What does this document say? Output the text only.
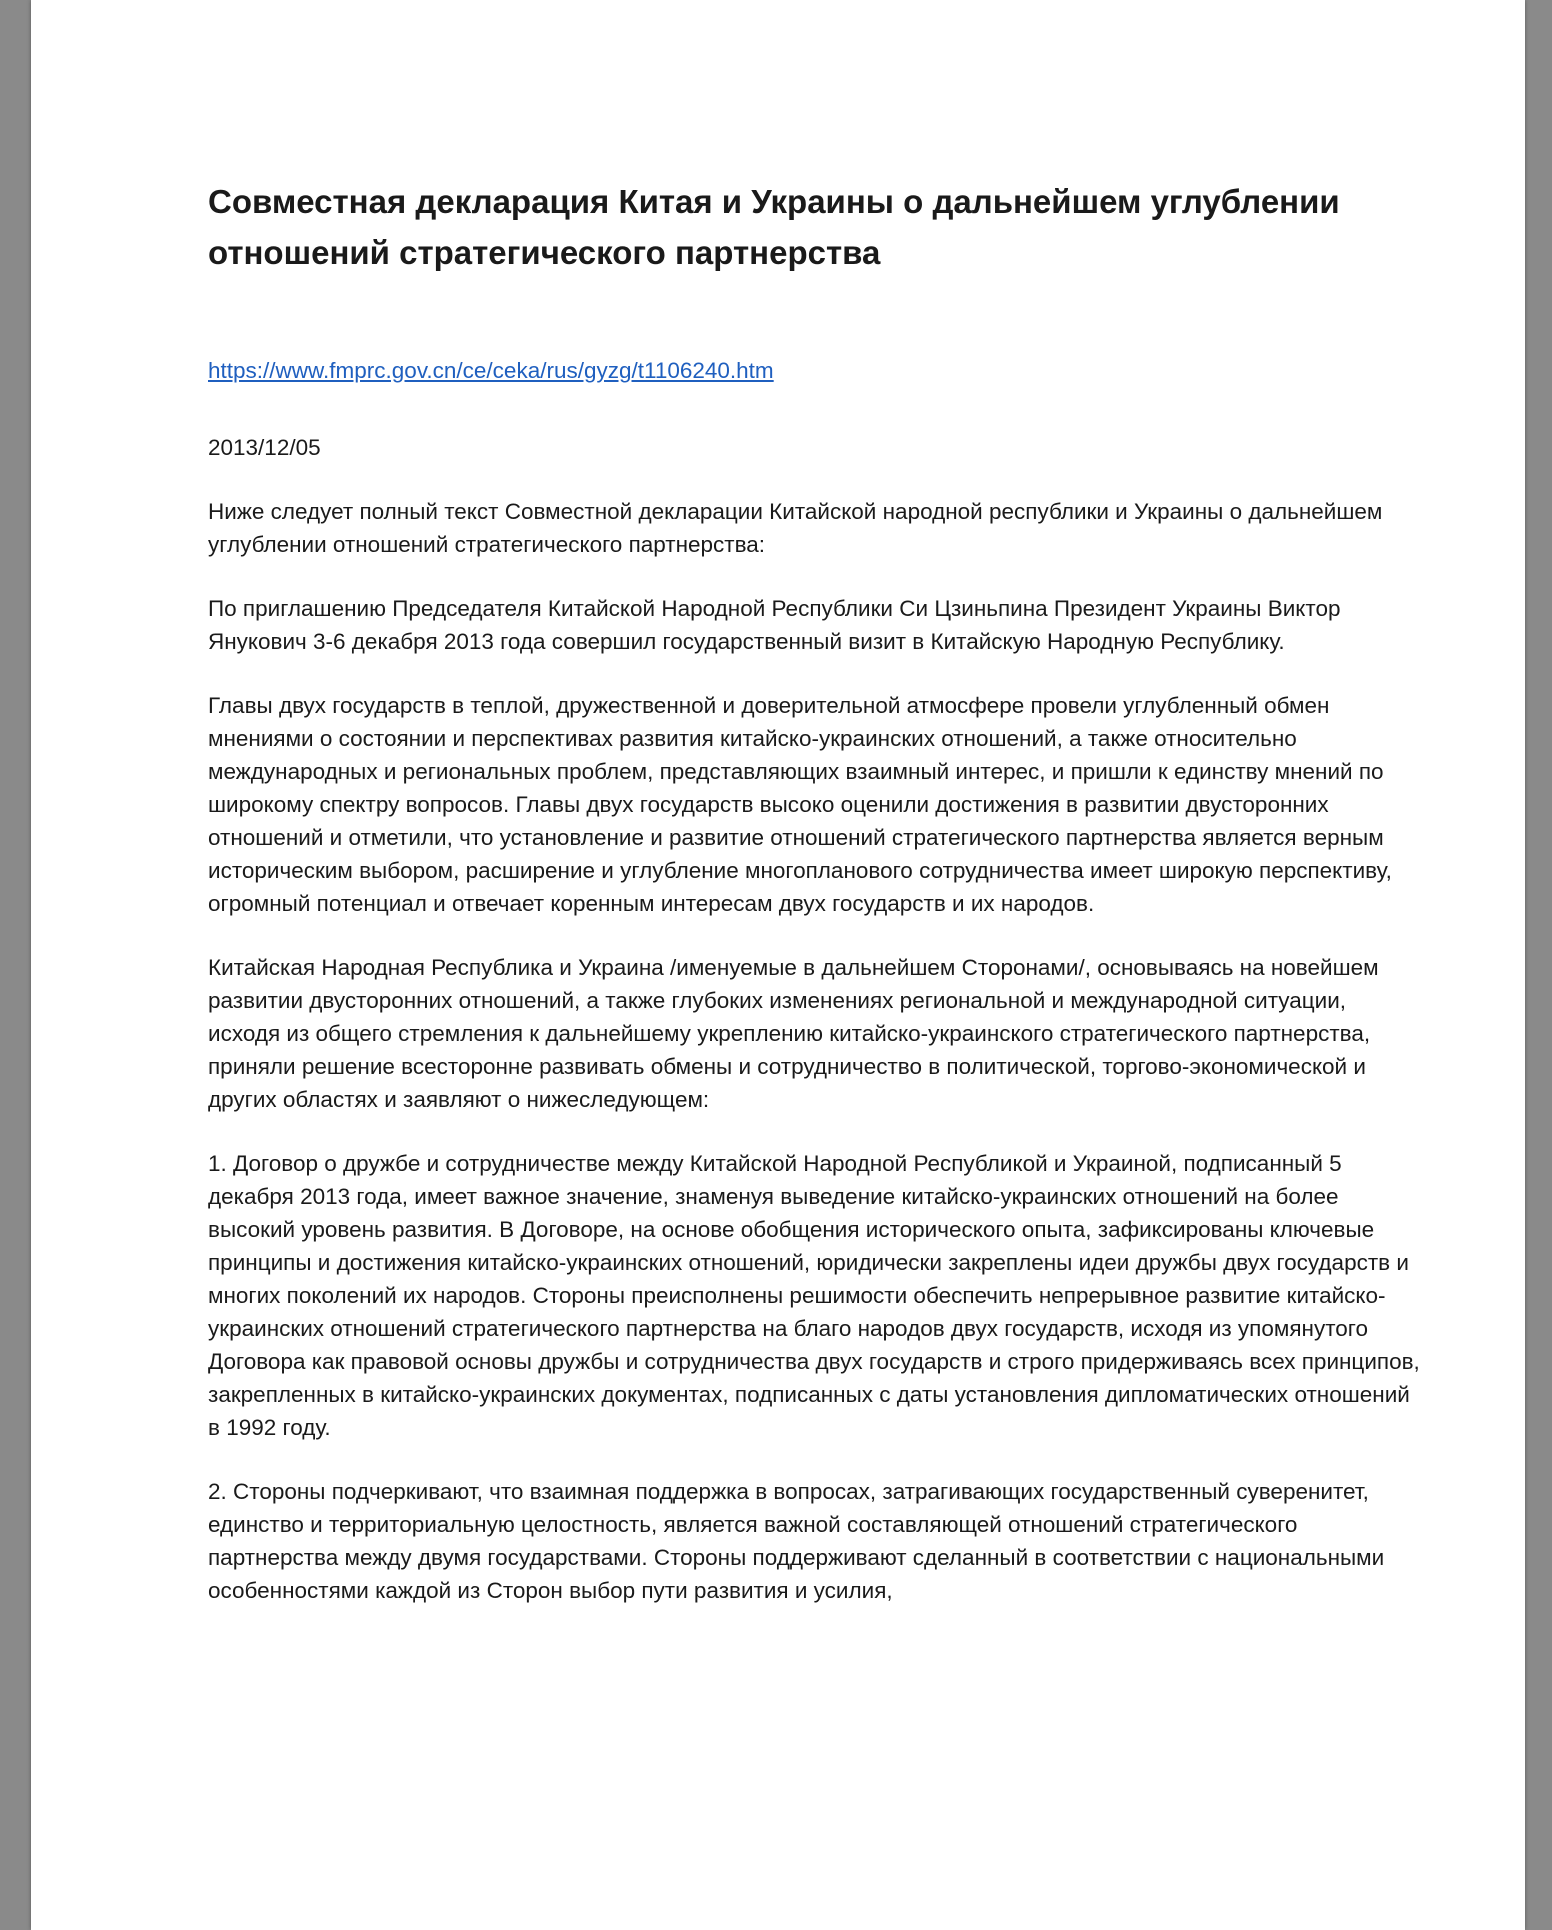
Совместная декларация Китая и Украины о дальнейшем углублении отношений стратегического партнерства
https://www.fmprc.gov.cn/ce/ceka/rus/gyzg/t1106240.htm

2013/12/05

Ниже следует полный текст Совместной декларации Китайской народной республики и Украины о дальнейшем углублении отношений стратегического партнерства:

По приглашению Председателя Китайской Народной Республики Си Цзиньпина Президент Украины Виктор Янукович 3-6 декабря 2013 года совершил государственный визит в Китайскую Народную Республику.

Главы двух государств в теплой, дружественной и доверительной атмосфере провели углубленный обмен мнениями о состоянии и перспективах развития китайско-украинских отношений, а также относительно международных и региональных проблем, представляющих взаимный интерес, и пришли к единству мнений по широкому спектру вопросов. Главы двух государств высоко оценили достижения в развитии двусторонних отношений и отметили, что установление и развитие отношений стратегического партнерства является верным историческим выбором, расширение и углубление многопланового сотрудничества имеет широкую перспективу, огромный потенциал и отвечает коренным интересам двух государств и их народов.

Китайская Народная Республика и Украина /именуемые в дальнейшем Сторонами/, основываясь на новейшем развитии двусторонних отношений, а также глубоких изменениях региональной и международной ситуации, исходя из общего стремления к дальнейшему укреплению китайско-украинского стратегического партнерства, приняли решение всесторонне развивать обмены и сотрудничество в политической, торгово-экономической и других областях и заявляют о нижеследующем:

1. Договор о дружбе и сотрудничестве между Китайской Народной Республикой и Украиной, подписанный 5 декабря 2013 года, имеет важное значение, знаменуя выведение китайско-украинских отношений на более высокий уровень развития. В Договоре, на основе обобщения исторического опыта, зафиксированы ключевые принципы и достижения китайско-украинских отношений, юридически закреплены идеи дружбы двух государств и многих поколений их народов. Стороны преисполнены решимости обеспечить непрерывное развитие китайско-украинских отношений стратегического партнерства на благо народов двух государств, исходя из упомянутого Договора как правовой основы дружбы и сотрудничества двух государств и строго придерживаясь всех принципов, закрепленных в китайско-украинских документах, подписанных с даты установления дипломатических отношений в 1992 году.

2. Стороны подчеркивают, что взаимная поддержка в вопросах, затрагивающих государственный суверенитет, единство и территориальную целостность, является важной составляющей отношений стратегического партнерства между двумя государствами. Стороны поддерживают сделанный в соответствии с национальными особенностями каждой из Сторон выбор пути развития и усилия,
